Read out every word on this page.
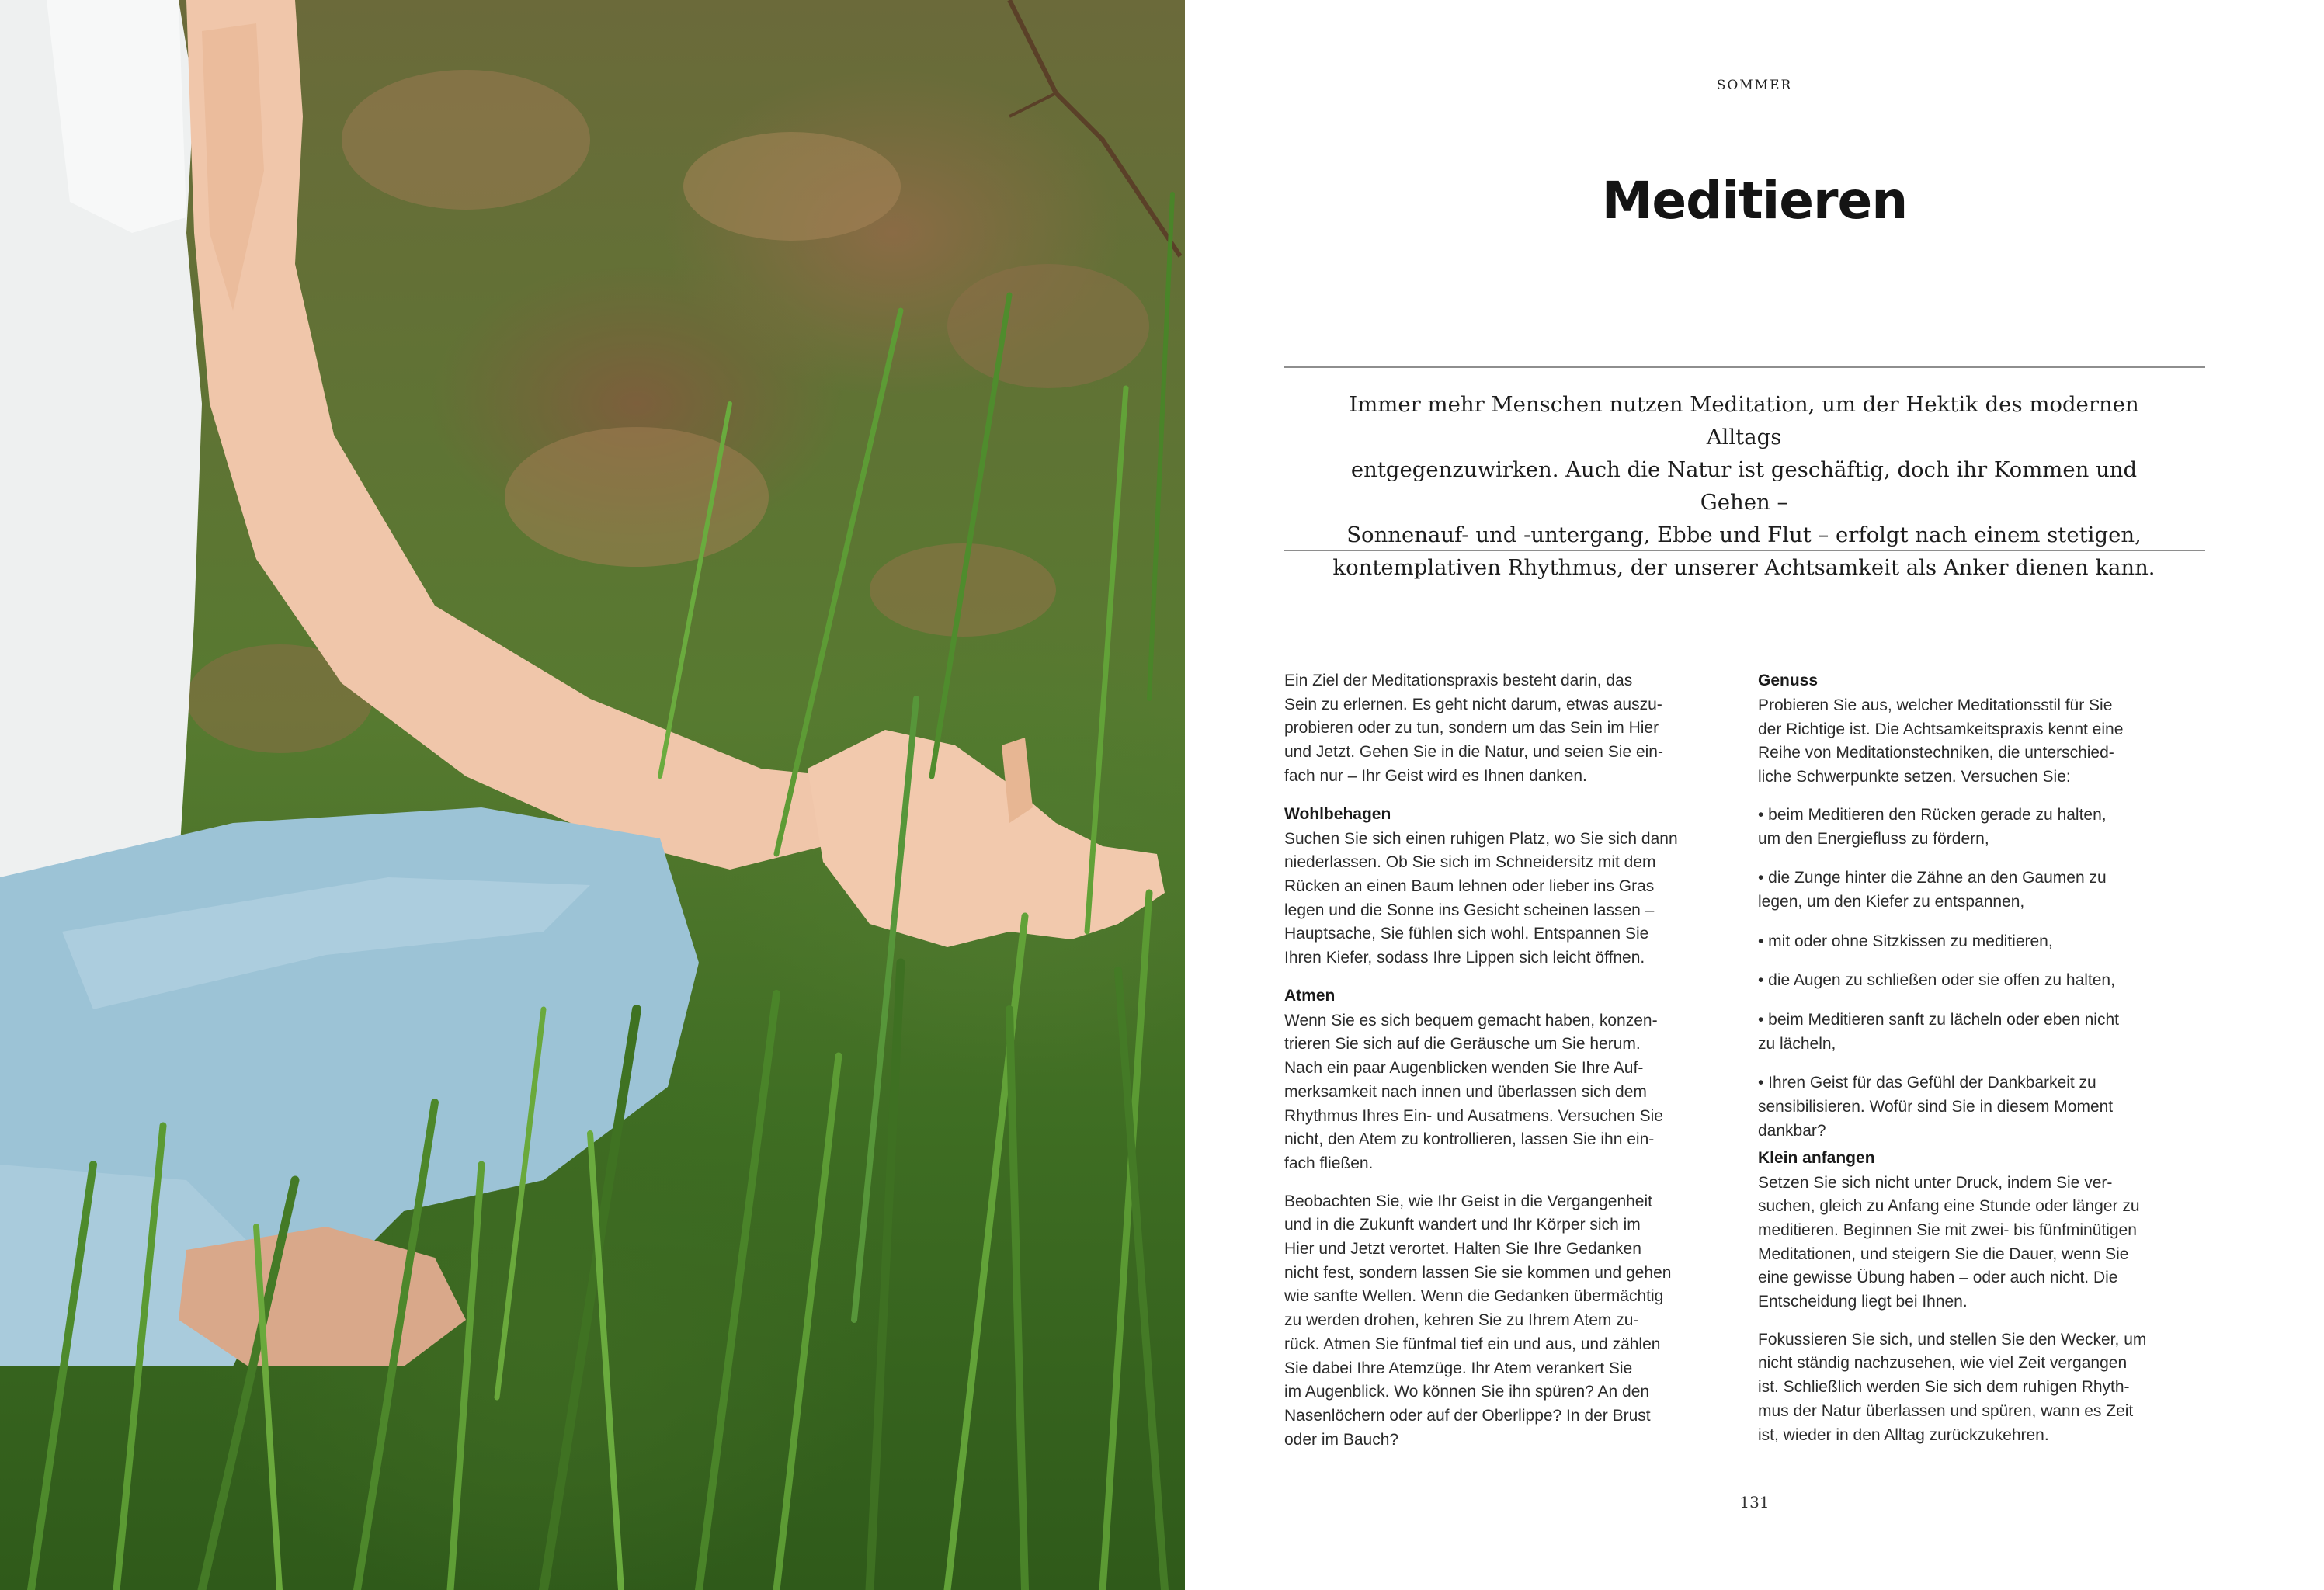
SOMMER
Meditieren
Immer mehr Menschen nutzen Meditation, um der Hektik des modernen Alltags
entgegenzuwirken. Auch die Natur ist geschäftig, doch ihr Kommen und Gehen –
Sonnenauf- und -untergang, Ebbe und Flut – erfolgt nach einem stetigen,
kontemplativen Rhythmus, der unserer Achtsamkeit als Anker dienen kann.

Ein Ziel der Meditationspraxis besteht darin, das
Sein zu erlernen. Es geht nicht darum, etwas auszu-
probieren oder zu tun, sondern um das Sein im Hier
und Jetzt. Gehen Sie in die Natur, und seien Sie ein-
fach nur – Ihr Geist wird es Ihnen danken.

Wohlbehagen

Suchen Sie sich einen ruhigen Platz, wo Sie sich dann
niederlassen. Ob Sie sich im Schneidersitz mit dem
Rücken an einen Baum lehnen oder lieber ins Gras
legen und die Sonne ins Gesicht scheinen lassen –
Hauptsache, Sie fühlen sich wohl. Entspannen Sie
Ihren Kiefer, sodass Ihre Lippen sich leicht öffnen.

Atmen

Wenn Sie es sich bequem gemacht haben, konzen-
trieren Sie sich auf die Geräusche um Sie herum.
Nach ein paar Augenblicken wenden Sie Ihre Auf-
merksamkeit nach innen und überlassen sich dem
Rhythmus Ihres Ein- und Ausatmens. Versuchen Sie
nicht, den Atem zu kontrollieren, lassen Sie ihn ein-
fach fließen.

Beobachten Sie, wie Ihr Geist in die Vergangenheit
und in die Zukunft wandert und Ihr Körper sich im
Hier und Jetzt verortet. Halten Sie Ihre Gedanken
nicht fest, sondern lassen Sie sie kommen und gehen
wie sanfte Wellen. Wenn die Gedanken übermächtig
zu werden drohen, kehren Sie zu Ihrem Atem zu-
rück. Atmen Sie fünfmal tief ein und aus, und zählen
Sie dabei Ihre Atemzüge. Ihr Atem verankert Sie
im Augenblick. Wo können Sie ihn spüren? An den
Nasenlöchern oder auf der Oberlippe? In der Brust
oder im Bauch?

Genuss

Probieren Sie aus, welcher Meditationsstil für Sie
der Richtige ist. Die Achtsamkeitspraxis kennt eine
Reihe von Meditationstechniken, die unterschied-
liche Schwerpunkte setzen. Versuchen Sie:

• beim Meditieren den Rücken gerade zu halten,
um den Energiefluss zu fördern,
• die Zunge hinter die Zähne an den Gaumen zu
legen, um den Kiefer zu entspannen,
• mit oder ohne Sitzkissen zu meditieren,
• die Augen zu schließen oder sie offen zu halten,
• beim Meditieren sanft zu lächeln oder eben nicht
zu lächeln,
• Ihren Geist für das Gefühl der Dankbarkeit zu
sensibilisieren. Wofür sind Sie in diesem Moment
dankbar?
Klein anfangen

Setzen Sie sich nicht unter Druck, indem Sie ver-
suchen, gleich zu Anfang eine Stunde oder länger zu
meditieren. Beginnen Sie mit zwei- bis fünfminütigen
Meditationen, und steigern Sie die Dauer, wenn Sie
eine gewisse Übung haben – oder auch nicht. Die
Entscheidung liegt bei Ihnen.

Fokussieren Sie sich, und stellen Sie den Wecker, um
nicht ständig nachzusehen, wie viel Zeit vergangen
ist. Schließlich werden Sie sich dem ruhigen Rhyth-
mus der Natur überlassen und spüren, wann es Zeit
ist, wieder in den Alltag zurückzukehren.

131
